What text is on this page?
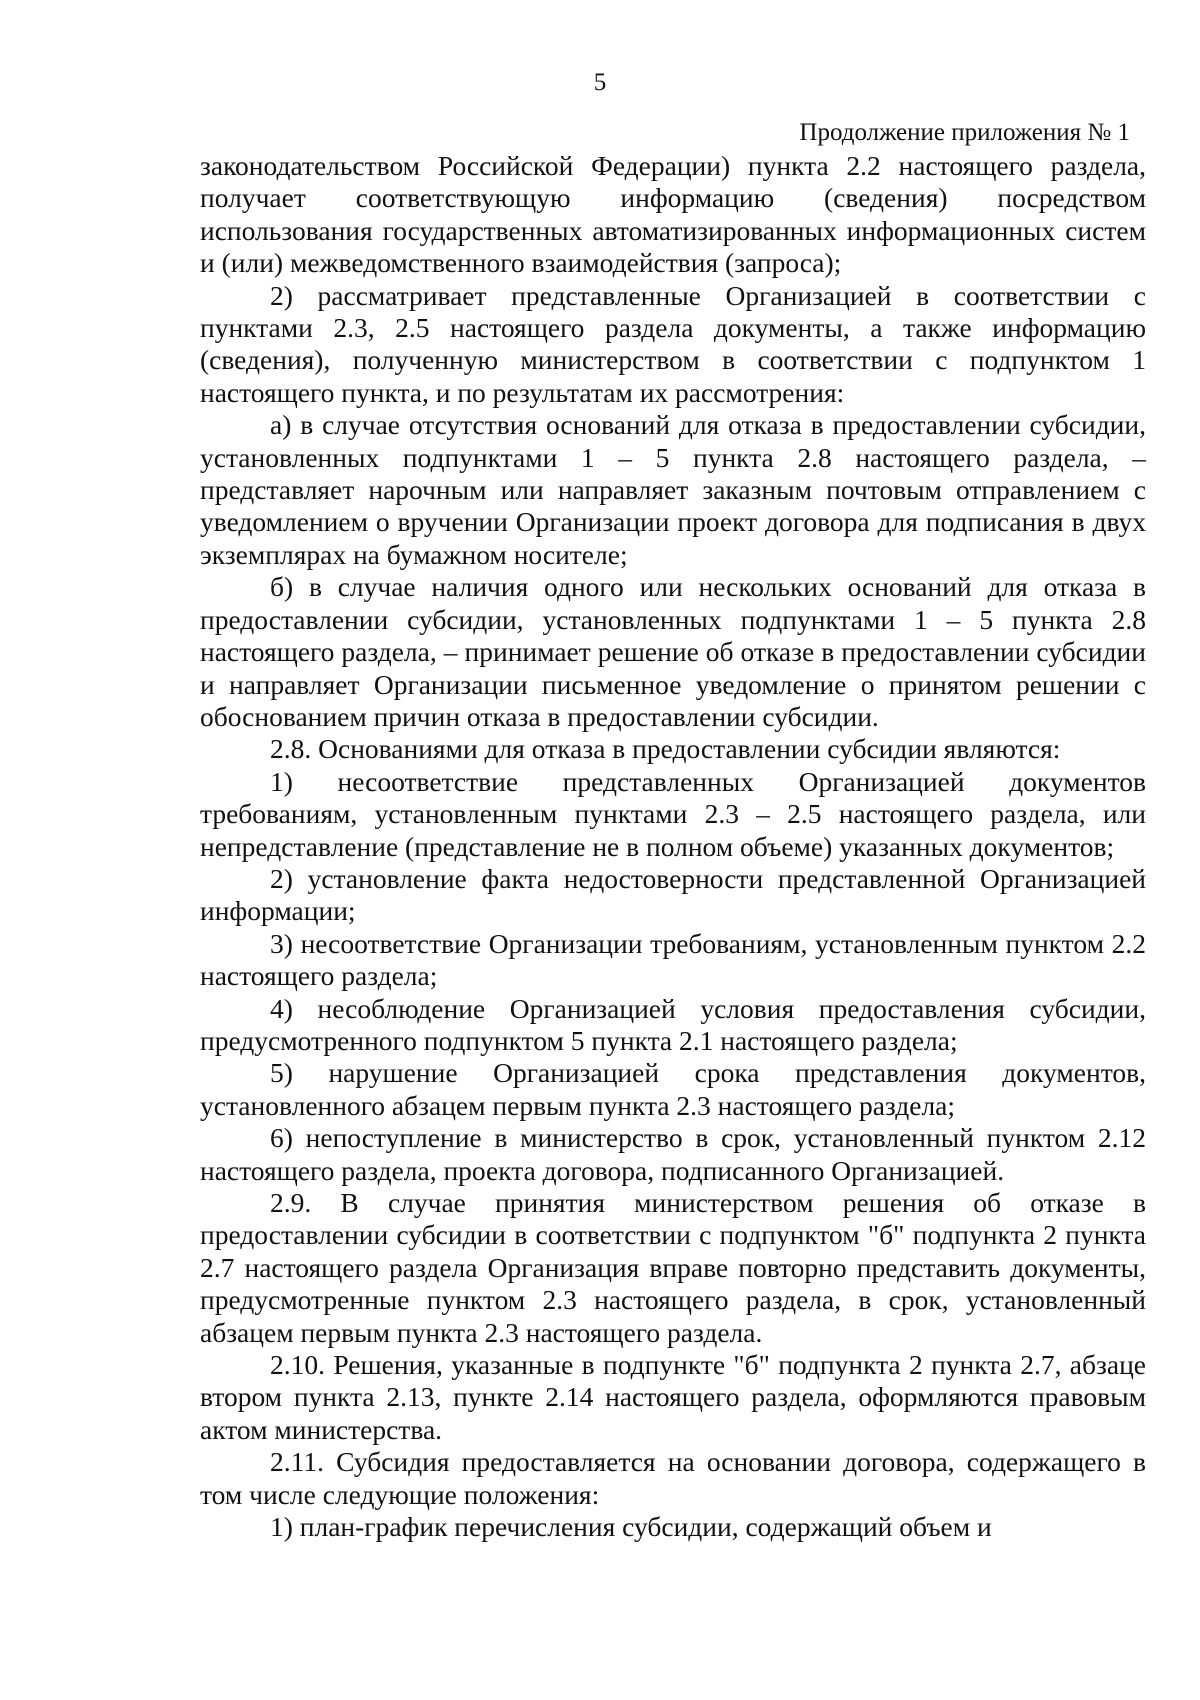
5
Продолжение приложения № 1

законодательством Российской Федерации) пункта 2.2 настоящего раздела, получает соответствующую информацию (сведения) посредством использования государственных автоматизированных информационных систем и (или) межведомственного взаимодействия (запроса);

2) рассматривает представленные Организацией в соответствии с пунктами 2.3, 2.5 настоящего раздела документы, а также информацию (сведения), полученную министерством в соответствии с подпунктом 1 настоящего пункта, и по результатам их рассмотрения:

а) в случае отсутствия оснований для отказа в предоставлении субсидии, установленных подпунктами 1 – 5 пункта 2.8 настоящего раздела, – представляет нарочным или направляет заказным почтовым отправлением с уведомлением о вручении Организации проект договора для подписания в двух экземплярах на бумажном носителе;

б) в случае наличия одного или нескольких оснований для отказа в предоставлении субсидии, установленных подпунктами 1 – 5 пункта 2.8 настоящего раздела, – принимает решение об отказе в предоставлении субсидии и направляет Организации письменное уведомление о принятом решении с обоснованием причин отказа в предоставлении субсидии.

2.8. Основаниями для отказа в предоставлении субсидии являются:

1) несоответствие представленных Организацией документов требованиям, установленным пунктами 2.3 – 2.5 настоящего раздела, или непредставление (представление не в полном объеме) указанных документов;

2) установление факта недостоверности представленной Организацией информации;

3) несоответствие Организации требованиям, установленным пунктом 2.2 настоящего раздела;

4) несоблюдение Организацией условия предоставления субсидии, предусмотренного подпунктом 5 пункта 2.1 настоящего раздела;

5) нарушение Организацией срока представления документов, установленного абзацем первым пункта 2.3 настоящего раздела;

6) непоступление в министерство в срок, установленный пунктом 2.12 настоящего раздела, проекта договора, подписанного Организацией.

2.9. В случае принятия министерством решения об отказе в предоставлении субсидии в соответствии с подпунктом "б" подпункта 2 пункта 2.7 настоящего раздела Организация вправе повторно представить документы, предусмотренные пунктом 2.3 настоящего раздела, в срок, установленный абзацем первым пункта 2.3 настоящего раздела.

2.10. Решения, указанные в подпункте "б" подпункта 2 пункта 2.7, абзаце втором пункта 2.13, пункте 2.14 настоящего раздела, оформляются правовым актом министерства.

2.11. Субсидия предоставляется на основании договора, содержащего в том числе следующие положения:

1) план-график перечисления субсидии, содержащий объем и
